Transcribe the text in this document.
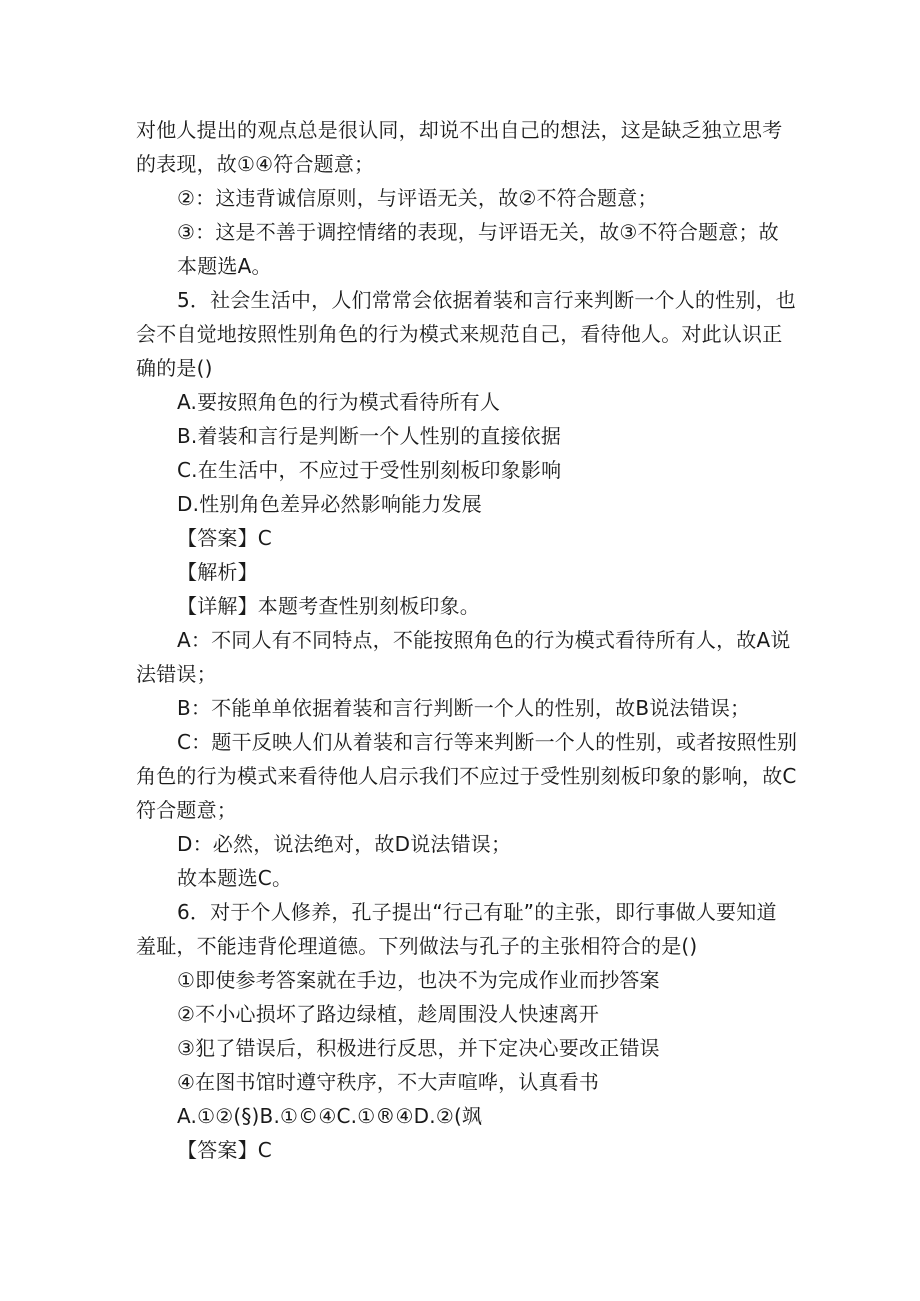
对他人提出的观点总是很认同，却说不出自己的想法，这是缺乏独立思考
的表现，故①④符合题意；
②：这违背诚信原则，与评语无关，故②不符合题意；
③：这是不善于调控情绪的表现，与评语无关，故③不符合题意；故
本题选A。
5．社会生活中，人们常常会依据着装和言行来判断一个人的性别，也
会不自觉地按照性别角色的行为模式来规范自己，看待他人。对此认识正
确的是()
A.要按照角色的行为模式看待所有人
B.着装和言行是判断一个人性别的直接依据
C.在生活中，不应过于受性别刻板印象影响
D.性别角色差异必然影响能力发展
【答案】C
【解析】
【详解】本题考查性别刻板印象。
A：不同人有不同特点，不能按照角色的行为模式看待所有人，故A说
法错误；
B：不能单单依据着装和言行判断一个人的性别，故B说法错误；
C：题干反映人们从着装和言行等来判断一个人的性别，或者按照性别
角色的行为模式来看待他人启示我们不应过于受性别刻板印象的影响，故C
符合题意；
D：必然，说法绝对，故D说法错误；
故本题选C。
6．对于个人修养，孔子提出“行己有耻”的主张，即行事做人要知道
羞耻，不能违背伦理道德。下列做法与孔子的主张相符合的是()
①即使参考答案就在手边，也决不为完成作业而抄答案
②不小心损坏了路边绿植，趁周围没人快速离开
③犯了错误后，积极进行反思，并下定决心要改正错误
④在图书馆时遵守秩序，不大声喧哗，认真看书
A.①②(§)B.①©④C.①®④D.②(飒
【答案】C
